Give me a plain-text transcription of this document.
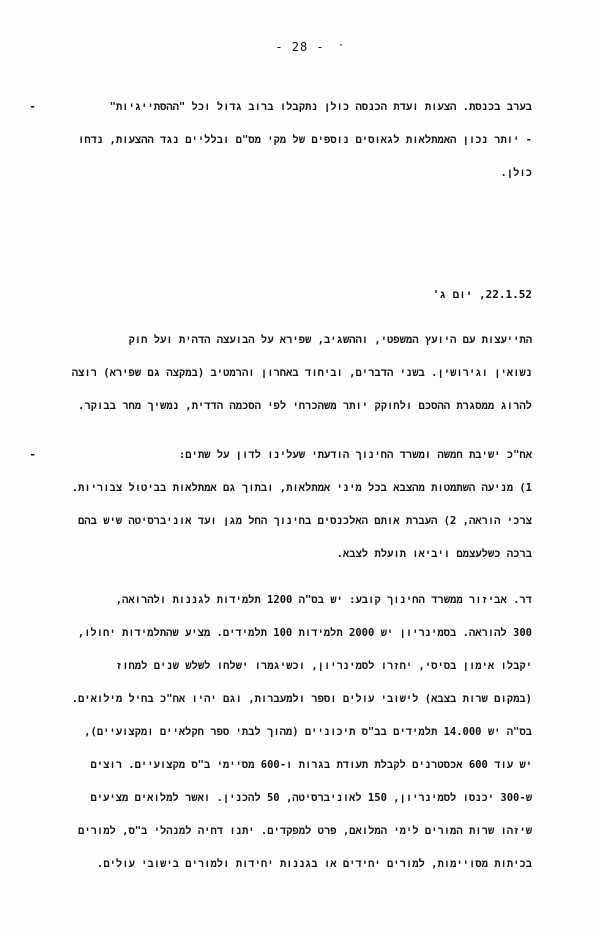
- 28 -	·
-	בערב בכנסת. הצעות ועדת הכנסה כולן נתקבלו ברוב גדול וכל "ההסתייגיות"
- יותר נכון האמתלאות לגאוסים נוספים של מקי מס"ם ובלליים נגד ההצעות, נדחו
כולן.
22.1.52, יום ג'
התייעצות עם היועץ המשפטי, וההשגיב, שפירא על הבועצה הדהית ועל חוק
נשואין וגירושין. בשני הדברים, וביחוד באחרון והרמטיב (במקצה גם שפירא) רוצה
להרוג ממסגרת ההסכם ולחוקק יותר משהכרחי לפי הסכמה הדדית, נמשיך מחר בבוקר.
-	אח"כ ישיבת חמשה ומשרד החינוך הודעתי שעלינו לדון על שתים:
1) מניעה השתמטות מהצבא בכל מיני אמתלאות, ובתוך גם אמתלאות בביטול צבוריות.
צרכי הוראה, 2) העברת אותם האלכנסים בחינוך החל מגן ועד אוניברסיטה שיש בהם
ברכה כשלעצמם ויביאו תועלת לצבא.
דר. אביזור ממשרד החינוך קובע: יש בס"ה 1200 תלמידות לגננות ולהרואה,
300 להוראה. בסמינריון יש 2000 תלמידות 100 תלמידים. מציע שהתלמידות יחולו,
יקבלו אימון בסיסי, יחזרו לסמינריון, וכשיגמרו ישלחו לשלש שנים למחוז
(במקום שרות בצבא) לישובי עולים וספר ולמעברות, וגם יהיו אח"כ בחיל מילואים.
בס"ה יש 14.000 תלמידים בב"ס תיכוניים (מהוך לבתי ספר חקלאיים ומקצועיים),
יש עוד 600 אכסטרנים לקבלת תעודת בגרות ו-600 מסיימי ב"ס מקצועיים. רוצים
ש-300 יכנסו לסמינריון, 150 לאוניברסיטה, 50 להכנין. ואשר למלואים מציעים
שיזהו שרות המורים לימי המלואם, פרט למפקדים. יתנו דחיה למנהלי ב"ס, למורים
בכיתות מסויימות, למורים יחידים או בגננות יחידות ולמורים בישובי עולים.
